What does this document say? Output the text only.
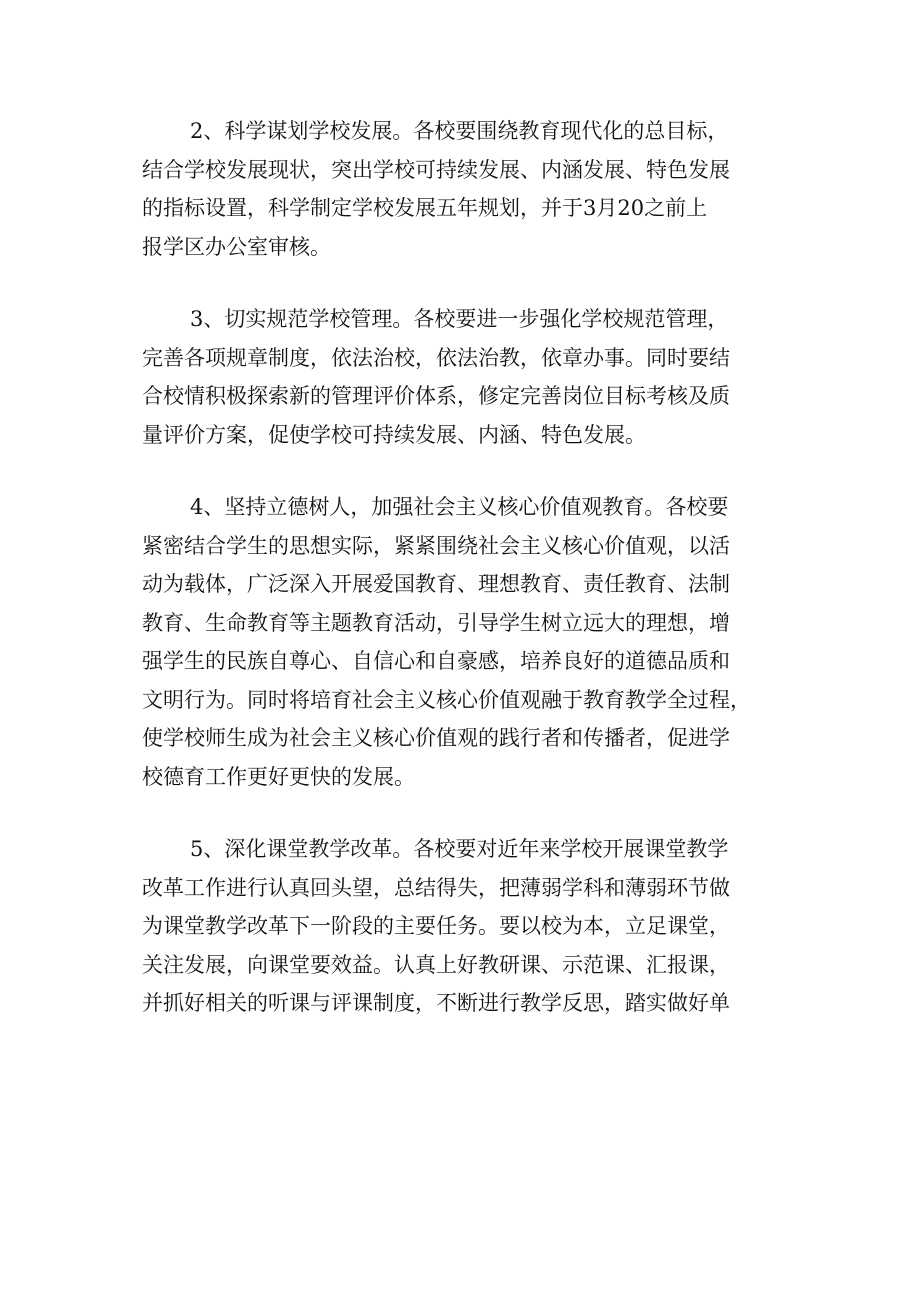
2、科学谋划学校发展。各校要围绕教育现代化的总目标，
结合学校发展现状，突出学校可持续发展、内涵发展、特色发展
的指标设置，科学制定学校发展五年规划，并于3月20之前上
报学区办公室审核。

3、切实规范学校管理。各校要进一步强化学校规范管理，
完善各项规章制度，依法治校，依法治教，依章办事。同时要结
合校情积极探索新的管理评价体系，修定完善岗位目标考核及质
量评价方案，促使学校可持续发展、内涵、特色发展。

4、坚持立德树人，加强社会主义核心价值观教育。各校要
紧密结合学生的思想实际，紧紧围绕社会主义核心价值观，以活
动为载体，广泛深入开展爱国教育、理想教育、责任教育、法制
教育、生命教育等主题教育活动，引导学生树立远大的理想，增
强学生的民族自尊心、自信心和自豪感，培养良好的道德品质和
文明行为。同时将培育社会主义核心价值观融于教育教学全过程，
使学校师生成为社会主义核心价值观的践行者和传播者，促进学
校德育工作更好更快的发展。

5、深化课堂教学改革。各校要对近年来学校开展课堂教学
改革工作进行认真回头望，总结得失，把薄弱学科和薄弱环节做
为课堂教学改革下一阶段的主要任务。要以校为本，立足课堂，
关注发展，向课堂要效益。认真上好教研课、示范课、汇报课，
并抓好相关的听课与评课制度，不断进行教学反思，踏实做好单
